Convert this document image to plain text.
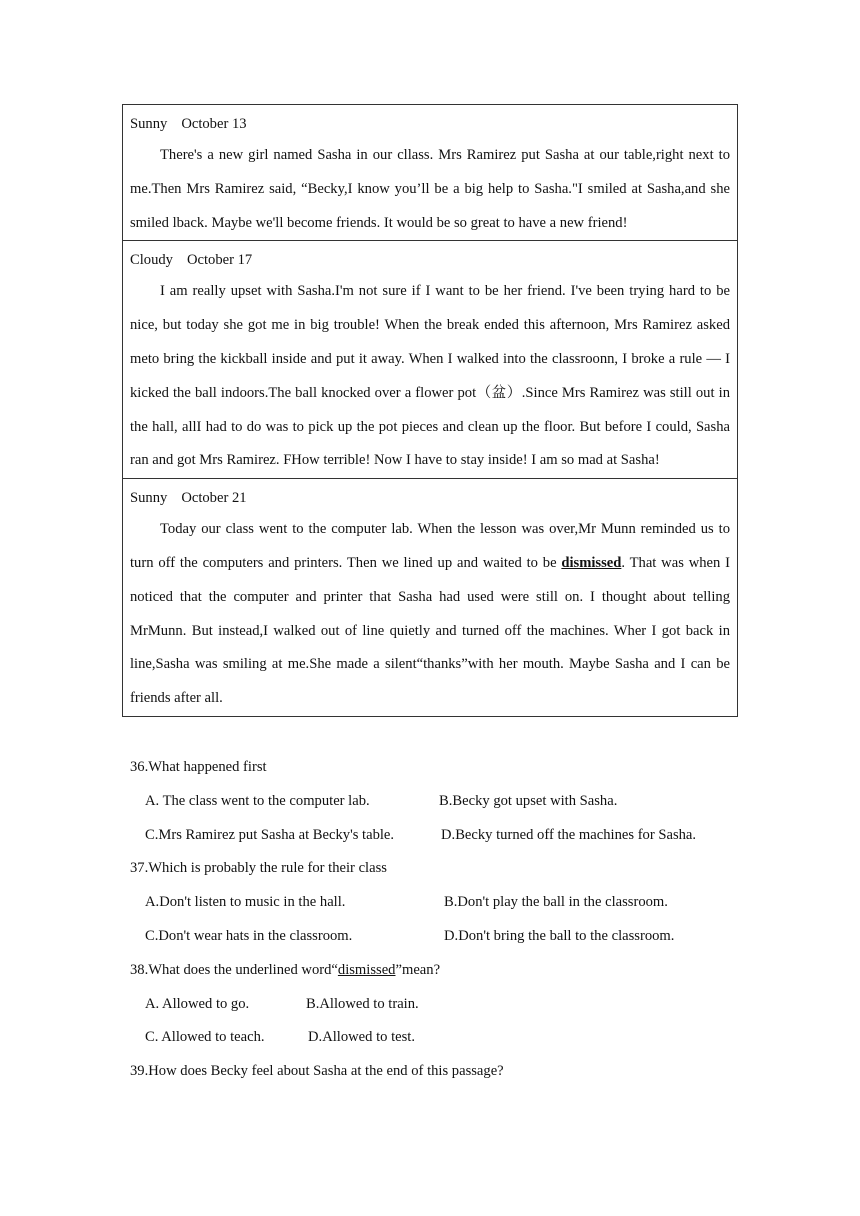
Sunny October 13

There's a new girl named Sasha in our cllass. Mrs Ramirez put Sasha at our table,right next to me.Then Mrs Ramirez said, “Becky,I know you’ll be a big help to Sasha."I smiled at Sasha,and she smiled lback. Maybe we'll become friends. It would be so great to have a new friend!

Cloudy October 17

I am really upset with Sasha.I'm not sure if I want to be her friend. I've been trying hard to be nice, but today she got me in big trouble! When the break ended this afternoon, Mrs Ramirez asked meto bring the kickball inside and put it away. When I walked into the classroonn, I broke a rule — I kicked the ball indoors.The ball knocked over a flower pot（盆）.Since Mrs Ramirez was still out in the hall, allI had to do was to pick up the pot pieces and clean up the floor. But before I could, Sasha ran and got Mrs Ramirez. FHow terrible! Now I have to stay inside! I am so mad at Sasha!

Sunny October 21

Today our class went to the computer lab. When the lesson was over,Mr Munn reminded us to turn off the computers and printers. Then we lined up and waited to be dismissed. That was when I noticed that the computer and printer that Sasha had used were still on. I thought about telling MrMunn. But instead,I walked out of line quietly and turned off the machines. Wher I got back in line,Sasha was smiling at me.She made a silent“thanks”with her mouth. Maybe Sasha and I can be friends after all.

36.What happened first
A. The class went to the computer lab.	B.Becky got upset with Sasha.
C.Mrs Ramirez put Sasha at Becky's table.	D.Becky turned off the machines for Sasha.
37.Which is probably the rule for their class
A.Don't listen to music in the hall.	B.Don't play the ball in the classroom.
C.Don't wear hats in the classroom.	D.Don't bring the ball to the classroom.
38.What does the underlined word“dismissed”mean?
A. Allowed to go.	B.Allowed to train.
C. Allowed to teach.	D.Allowed to test.
39.How does Becky feel about Sasha at the end of this passage?
